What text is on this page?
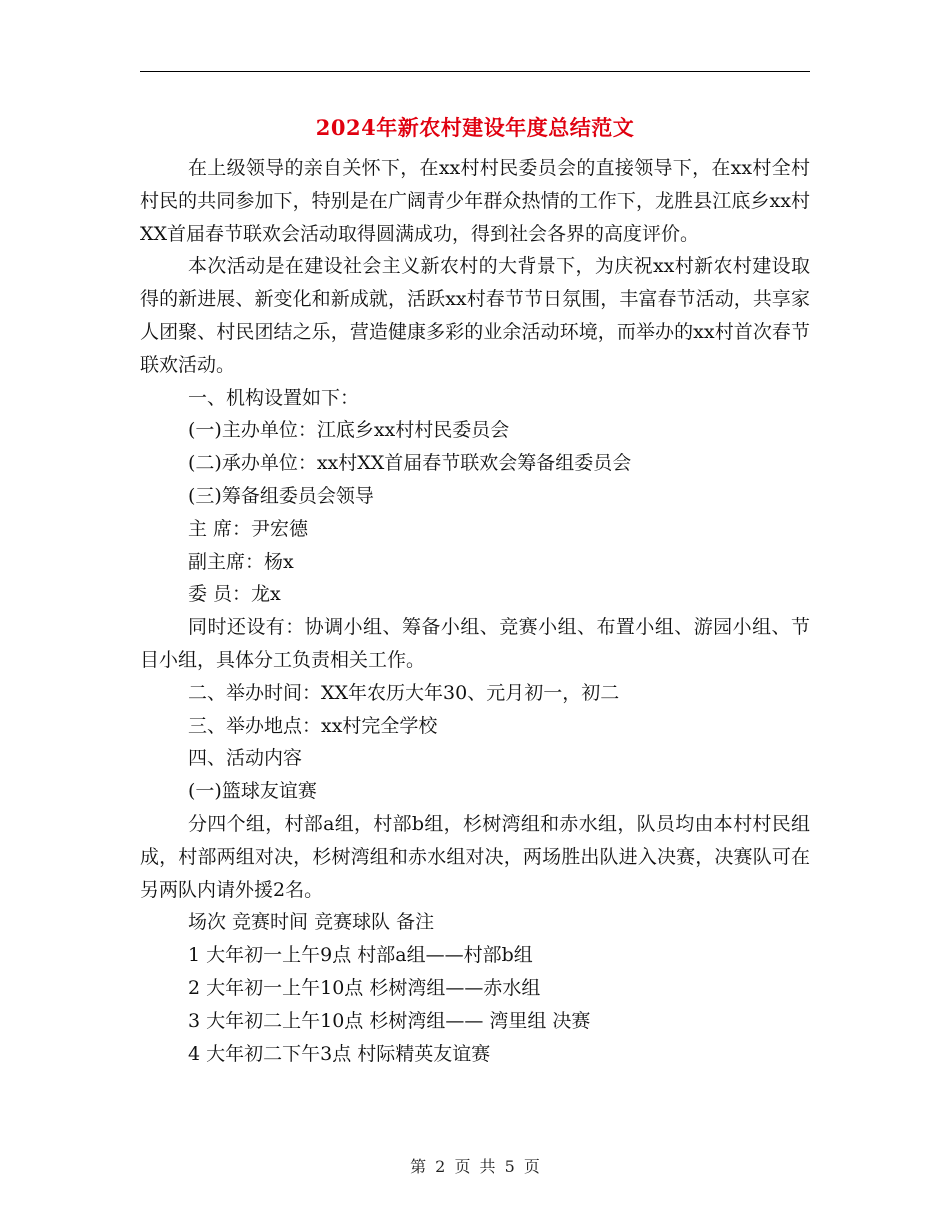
2024年新农村建设年度总结范文

在上级领导的亲自关怀下，在xx村村民委员会的直接领导下，在xx村全村村民的共同参加下，特别是在广阔青少年群众热情的工作下，龙胜县江底乡xx村XX首届春节联欢会活动取得圆满成功，得到社会各界的高度评价。

本次活动是在建设社会主义新农村的大背景下，为庆祝xx村新农村建设取得的新进展、新变化和新成就，活跃xx村春节节日氛围，丰富春节活动，共享家人团聚、村民团结之乐，营造健康多彩的业余活动环境，而举办的xx村首次春节联欢活动。

一、机构设置如下：

(一)主办单位：江底乡xx村村民委员会

(二)承办单位：xx村XX首届春节联欢会筹备组委员会

(三)筹备组委员会领导

主 席：尹宏德

副主席：杨x

委 员：龙x

同时还设有：协调小组、筹备小组、竞赛小组、布置小组、游园小组、节目小组，具体分工负责相关工作。

二、举办时间：XX年农历大年30、元月初一，初二

三、举办地点：xx村完全学校

四、活动内容

(一)篮球友谊赛

分四个组，村部a组，村部b组，杉树湾组和赤水组，队员均由本村村民组成，村部两组对决，杉树湾组和赤水组对决，两场胜出队进入决赛，决赛队可在另两队内请外援2名。

场次 竞赛时间 竞赛球队 备注

1 大年初一上午9点 村部a组——村部b组

2 大年初一上午10点 杉树湾组——赤水组

3 大年初二上午10点 杉树湾组—— 湾里组 决赛

4 大年初二下午3点 村际精英友谊赛

第 2 页 共 5 页
